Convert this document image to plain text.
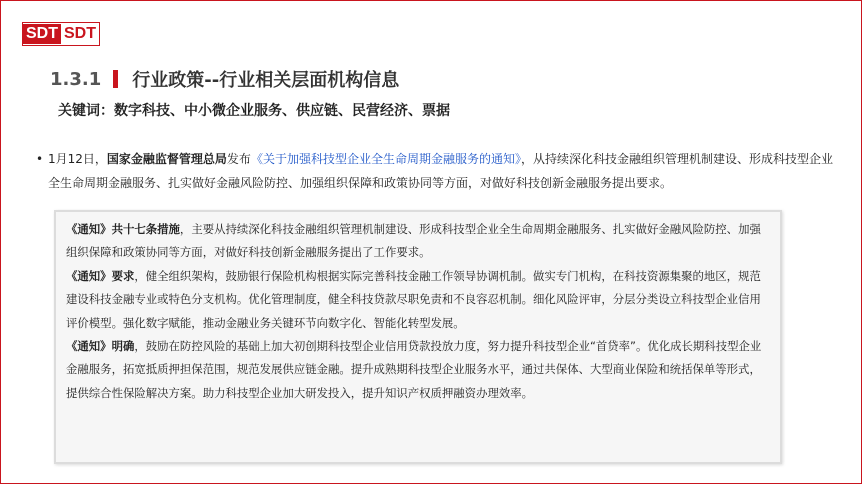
SDT SDT
1.3.1 行业政策--行业相关层面机构信息
关键词：数字科技、中小微企业服务、供应链、民营经济、票据
• 1月12日，国家金融监督管理总局发布《关于加强科技型企业全生命周期金融服务的通知》，从持续深化科技金融组织管理机制建设、形成科技型企业全生命周期金融服务、扎实做好金融风险防控、加强组织保障和政策协同等方面，对做好科技创新金融服务提出要求。

《通知》共十七条措施，主要从持续深化科技金融组织管理机制建设、形成科技型企业全生命周期金融服务、扎实做好金融风险防控、加强组织保障和政策协同等方面，对做好科技创新金融服务提出了工作要求。

《通知》要求，健全组织架构，鼓励银行保险机构根据实际完善科技金融工作领导协调机制。做实专门机构，在科技资源集聚的地区，规范建设科技金融专业或特色分支机构。优化管理制度，健全科技贷款尽职免责和不良容忍机制。细化风险评审，分层分类设立科技型企业信用评价模型。强化数字赋能，推动金融业务关键环节向数字化、智能化转型发展。

《通知》明确，鼓励在防控风险的基础上加大初创期科技型企业信用贷款投放力度，努力提升科技型企业“首贷率”。优化成长期科技型企业金融服务，拓宽抵质押担保范围，规范发展供应链金融。提升成熟期科技型企业服务水平，通过共保体、大型商业保险和统括保单等形式，提供综合性保险解决方案。助力科技型企业加大研发投入，提升知识产权质押融资办理效率。
